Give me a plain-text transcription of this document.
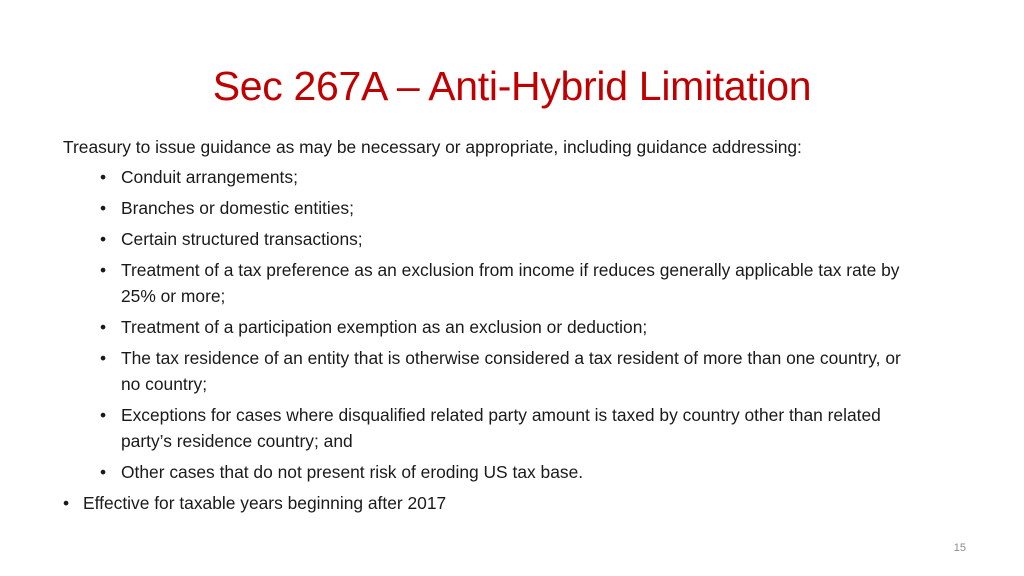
Sec 267A – Anti-Hybrid Limitation

Treasury to issue guidance as may be necessary or appropriate, including guidance addressing:

• Conduit arrangements;
• Branches or domestic entities;
• Certain structured transactions;
• Treatment of a tax preference as an exclusion from income if reduces generally applicable tax rate by 25% or more;
• Treatment of a participation exemption as an exclusion or deduction;
• The tax residence of an entity that is otherwise considered a tax resident of more than one country, or no country;
• Exceptions for cases where disqualified related party amount is taxed by country other than related party’s residence country; and
• Other cases that do not present risk of eroding US tax base.
• Effective for taxable years beginning after 2017
15
